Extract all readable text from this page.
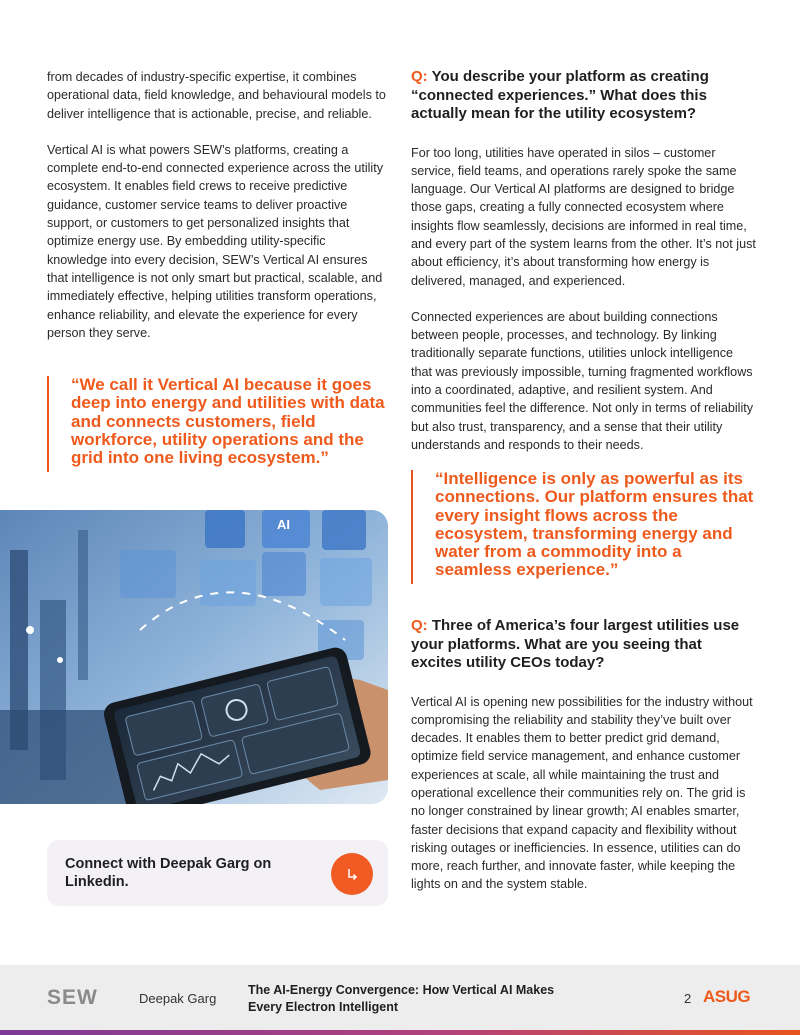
from decades of industry-specific expertise, it combines operational data, field knowledge, and behavioural models to deliver intelligence that is actionable, precise, and reliable.

Vertical AI is what powers SEW’s platforms, creating a complete end-to-end connected experience across the utility ecosystem. It enables field crews to receive predictive guidance, customer service teams to deliver proactive support, or customers to get personalized insights that optimize energy use. By embedding utility-specific knowledge into every decision, SEW’s Vertical AI ensures that intelligence is not only smart but practical, scalable, and immediately effective, helping utilities transform operations, enhance reliability, and elevate the experience for every person they serve.

“We call it Vertical AI because it goes deep into energy and utilities with data and connects customers, field workforce, utility operations and the grid into one living ecosystem.”

AI
Connect with Deepak Garg on Linkedin.
Q: You describe your platform as creating “connected experiences.” What does this actually mean for the utility ecosystem?

For too long, utilities have operated in silos – customer service, field teams, and operations rarely spoke the same language. Our Vertical AI platforms are designed to bridge those gaps, creating a fully connected ecosystem where insights flow seamlessly, decisions are informed in real time, and every part of the system learns from the other. It’s not just about efficiency, it’s about transforming how energy is delivered, managed, and experienced.

Connected experiences are about building connections between people, processes, and technology. By linking traditionally separate functions, utilities unlock intelligence that was previously impossible, turning fragmented workflows into a coordinated, adaptive, and resilient system. And communities feel the difference. Not only in terms of reliability but also trust, transparency, and a sense that their utility understands and responds to their needs.

“Intelligence is only as powerful as its connections. Our platform ensures that every insight flows across the ecosystem, transforming energy and water from a commodity into a seamless experience.”

Q: Three of America’s four largest utilities use your platforms. What are you seeing that excites utility CEOs today?

Vertical AI is opening new possibilities for the industry without compromising the reliability and stability they’ve built over decades. It enables them to better predict grid demand, optimize field service management, and enhance customer experiences at scale, all while maintaining the trust and operational excellence their communities rely on. The grid is no longer constrained by linear growth; AI enables smarter, faster decisions that expand capacity and flexibility without risking outages or inefficiencies. In essence, utilities can do more, reach further, and innovate faster, while keeping the lights on and the system stable.

SEW	Deepak Garg
The AI-Energy Convergence: How Vertical AI Makes Every Electron Intelligent
2 ASUG
